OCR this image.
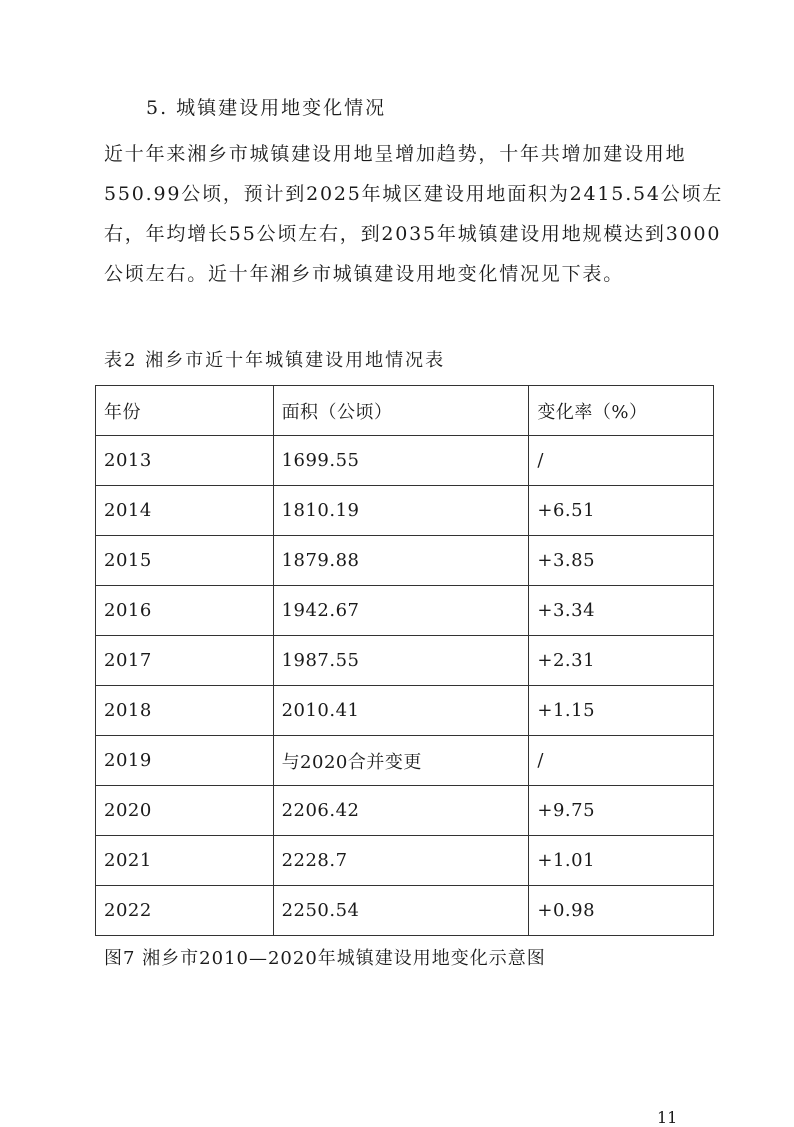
5. 城镇建设用地变化情况
近十年来湘乡市城镇建设用地呈增加趋势，十年共增加建设用地
550.99公顷，预计到2025年城区建设用地面积为2415.54公顷左
右，年均增长55公顷左右，到2035年城镇建设用地规模达到3000
公顷左右。近十年湘乡市城镇建设用地变化情况见下表。
表2 湘乡市近十年城镇建设用地情况表
年份	面积（公顷）	变化率（%）
2013	1699.55	/
2014	1810.19	+6.51
2015	1879.88	+3.85
2016	1942.67	+3.34
2017	1987.55	+2.31
2018	2010.41	+1.15
2019	与2020合并变更	/
2020	2206.42	+9.75
2021	2228.7	+1.01
2022	2250.54	+0.98
图7 湘乡市2010—2020年城镇建设用地变化示意图
11
